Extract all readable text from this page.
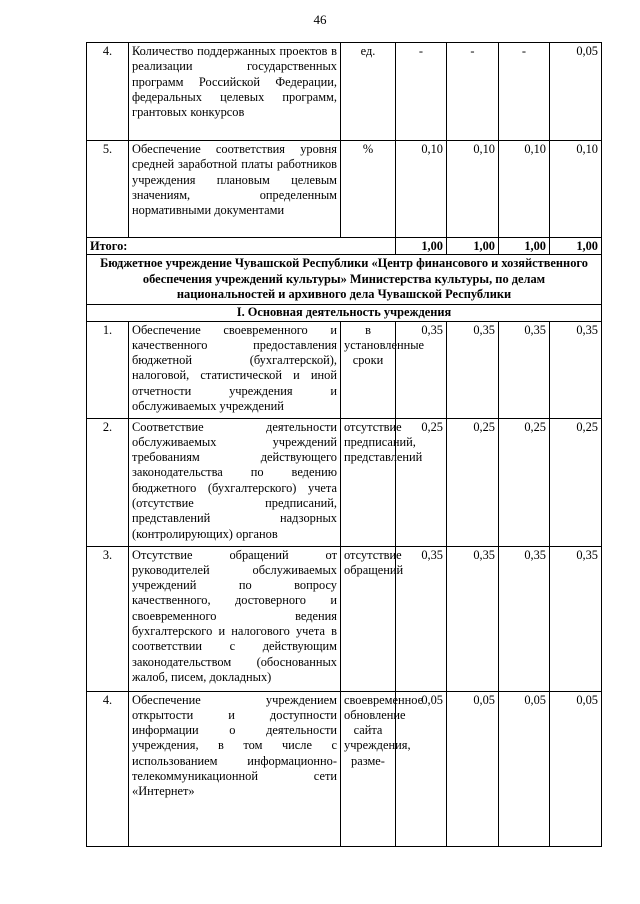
46
4.	Количество поддержанных проектов в реализации государственных программ Российской Федерации, федеральных целевых программ, грантовых конкурсов	ед.	-	-	-	0,05
5.	Обеспечение соответствия уровня средней заработной платы работников учреждения плановым целевым значениям, определенным нормативными документами	%	0,10	0,10	0,10	0,10
Итого:			1,00	1,00	1,00	1,00
Бюджетное учреждение Чувашской Республики «Центр финансового и хозяйственного обеспечения учреждений культуры» Министерства культуры, по делам национальностей и архивного дела Чувашской Республики						
I. Основная деятельность учреждения						
1.	Обеспечение своевременного и качественного предоставления бюджетной (бухгалтерской), налоговой, статистической и иной отчетности учреждения и обслуживаемых учреждений	в установленные сроки	0,35	0,35	0,35	0,35
2.	Соответствие деятельности обслуживаемых учреждений требованиям действующего законодательства по ведению бюджетного (бухгалтерского) учета (отсутствие предписаний, представлений надзорных (контролирующих) органов	отсутствие предписаний, представлений	0,25	0,25	0,25	0,25
3.	Отсутствие обращений от руководителей обслуживаемых учреждений по вопросу качественного, достоверного и своевременного ведения бухгалтерского и налогового учета в соответствии с действующим законодательством (обоснованных жалоб, писем, докладных)	отсутствие обращений	0,35	0,35	0,35	0,35
4.	Обеспечение учреждением открытости и доступности информации о деятельности учреждения, в том числе с использованием информационно-телекоммуникационной сети «Интернет»	своевременное обновление сайта учреждения, разме-	0,05	0,05	0,05	0,05
